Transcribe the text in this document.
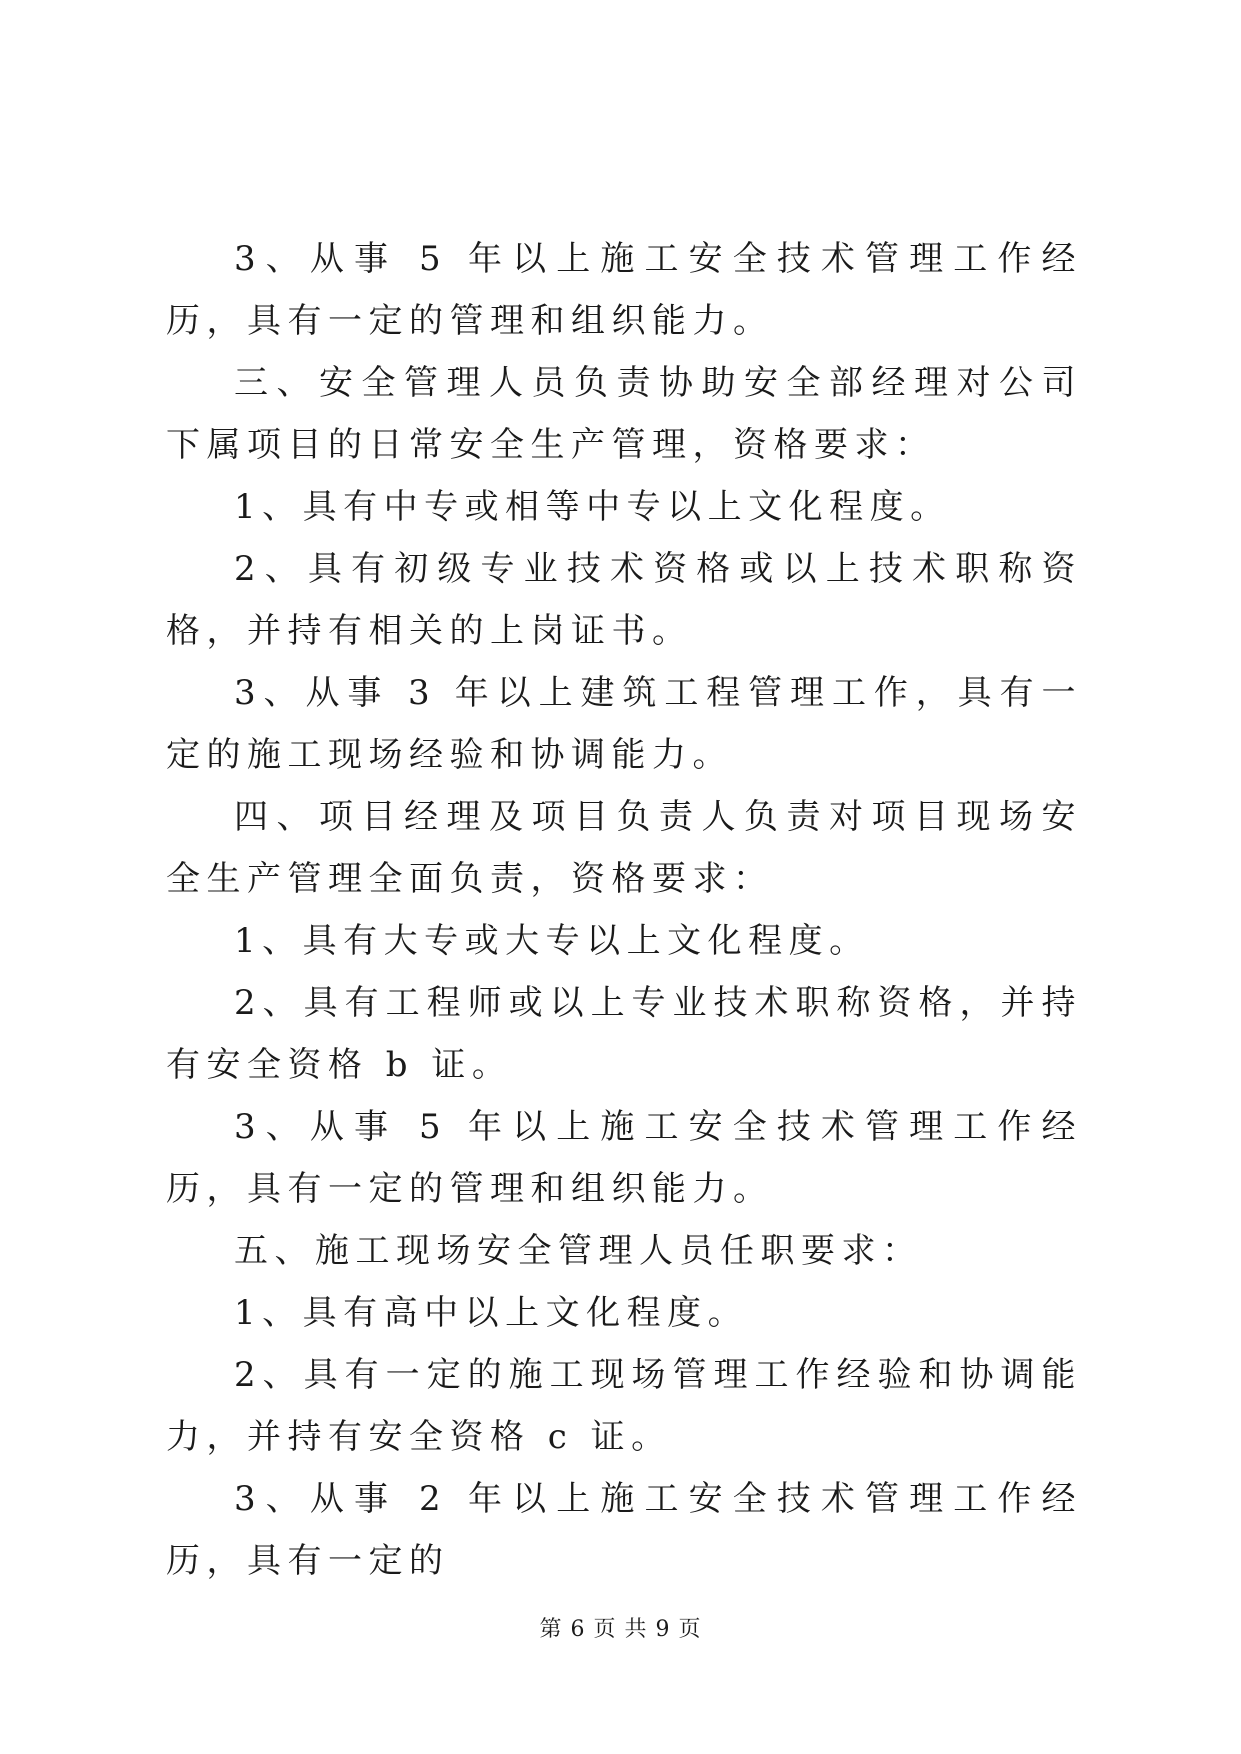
3、从事 5 年以上施工安全技术管理工作经历，具有一定的管理和组织能力。

三、安全管理人员负责协助安全部经理对公司下属项目的日常安全生产管理，资格要求：

1、具有中专或相等中专以上文化程度。

2、具有初级专业技术资格或以上技术职称资格，并持有相关的上岗证书。

3、从事 3 年以上建筑工程管理工作，具有一定的施工现场经验和协调能力。

四、项目经理及项目负责人负责对项目现场安全生产管理全面负责，资格要求：

1、具有大专或大专以上文化程度。

2、具有工程师或以上专业技术职称资格，并持有安全资格 b 证。

3、从事 5 年以上施工安全技术管理工作经历，具有一定的管理和组织能力。

五、施工现场安全管理人员任职要求：

1、具有高中以上文化程度。

2、具有一定的施工现场管理工作经验和协调能力，并持有安全资格 c 证。

3、从事 2 年以上施工安全技术管理工作经历，具有一定的

第 6 页 共 9 页
